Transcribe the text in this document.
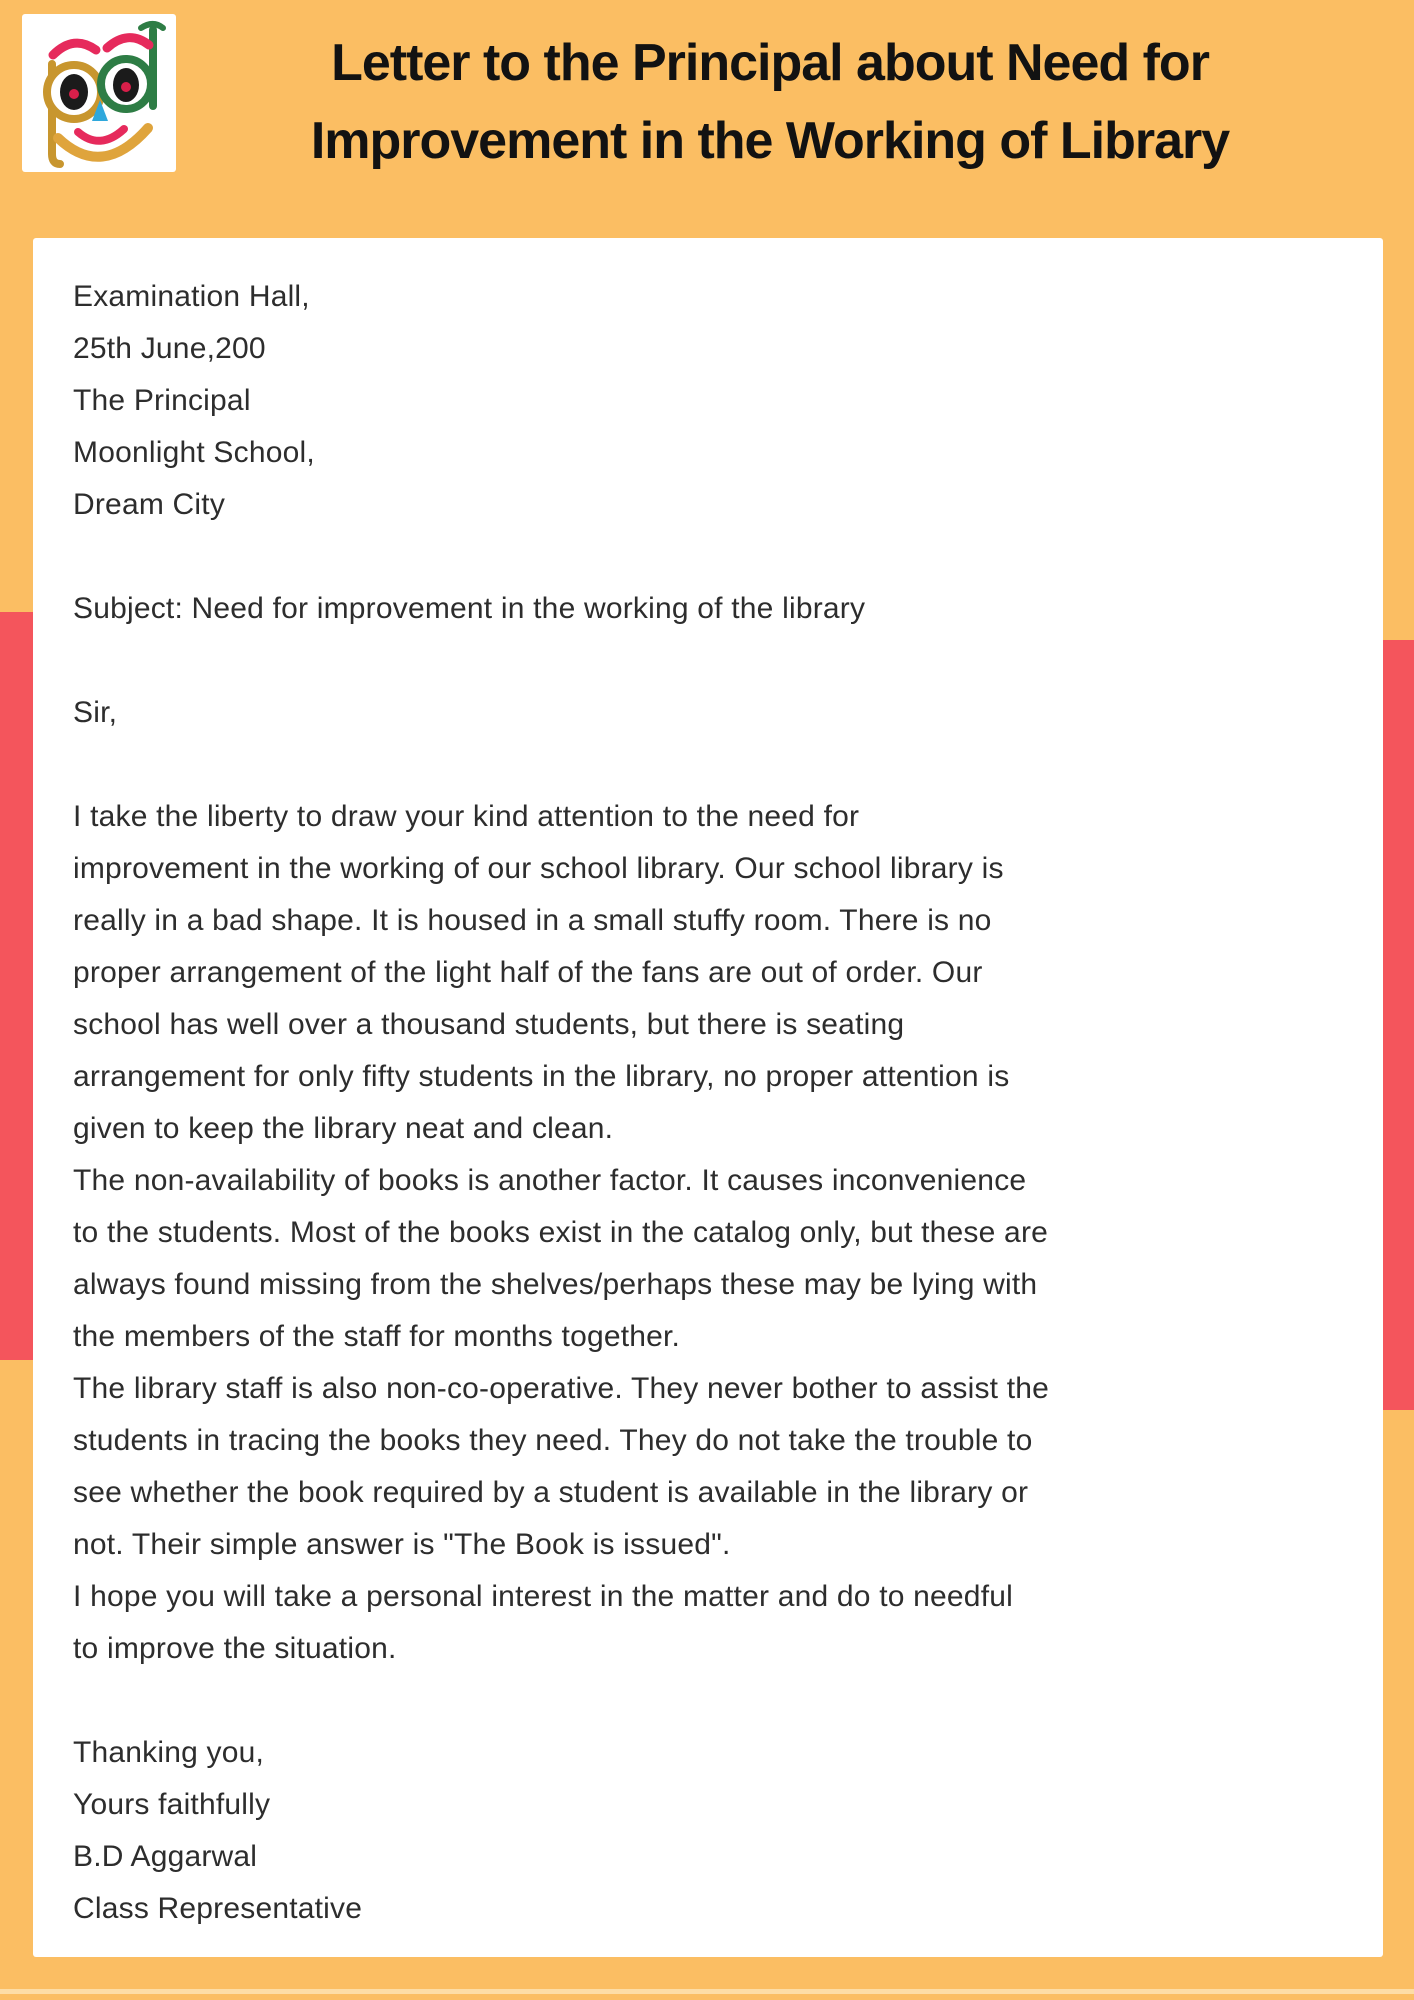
Letter to the Principal about Need for
Improvement in the Working of Library
Examination Hall,
25th June,200
The Principal
Moonlight School,
Dream City
Subject: Need for improvement in the working of the library
Sir,
I take the liberty to draw your kind attention to the need for
improvement in the working of our school library. Our school library is
really in a bad shape. It is housed in a small stuffy room. There is no
proper arrangement of the light half of the fans are out of order. Our
school has well over a thousand students, but there is seating
arrangement for only fifty students in the library, no proper attention is
given to keep the library neat and clean.
The non-availability of books is another factor. It causes inconvenience
to the students. Most of the books exist in the catalog only, but these are
always found missing from the shelves/perhaps these may be lying with
the members of the staff for months together.
The library staff is also non-co-operative. They never bother to assist the
students in tracing the books they need. They do not take the trouble to
see whether the book required by a student is available in the library or
not. Their simple answer is "The Book is issued".
I hope you will take a personal interest in the matter and do to needful
to improve the situation.
Thanking you,
Yours faithfully
B.D Aggarwal
Class Representative
